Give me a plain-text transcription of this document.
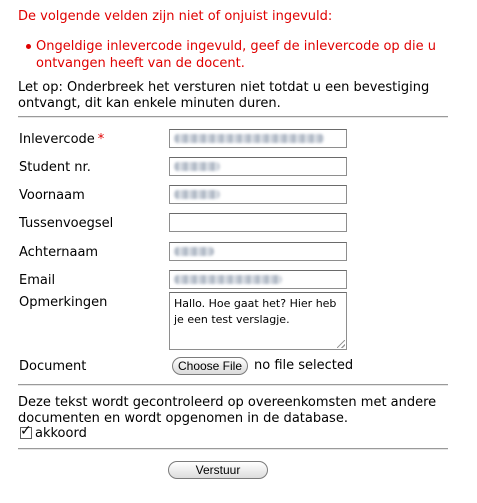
De volgende velden zijn niet of onjuist ingevuld:
Ongeldige inlevercode ingevuld, geef de inlevercode op die u ontvangen heeft van de docent.
Let op: Onderbreek het versturen niet totdat u een bevestiging ontvangt, dit kan enkele minuten duren.
Inlevercode *
Student nr.
Voornaam
Tussenvoegsel
Achternaam
Email
Opmerkingen	Hallo. Hoe gaat het? Hier heb je een test verslagje.
Document	Choose File no file selected
Deze tekst wordt gecontroleerd op overeenkomsten met andere documenten en wordt opgenomen in de database.
✓ akkoord
Verstuur
